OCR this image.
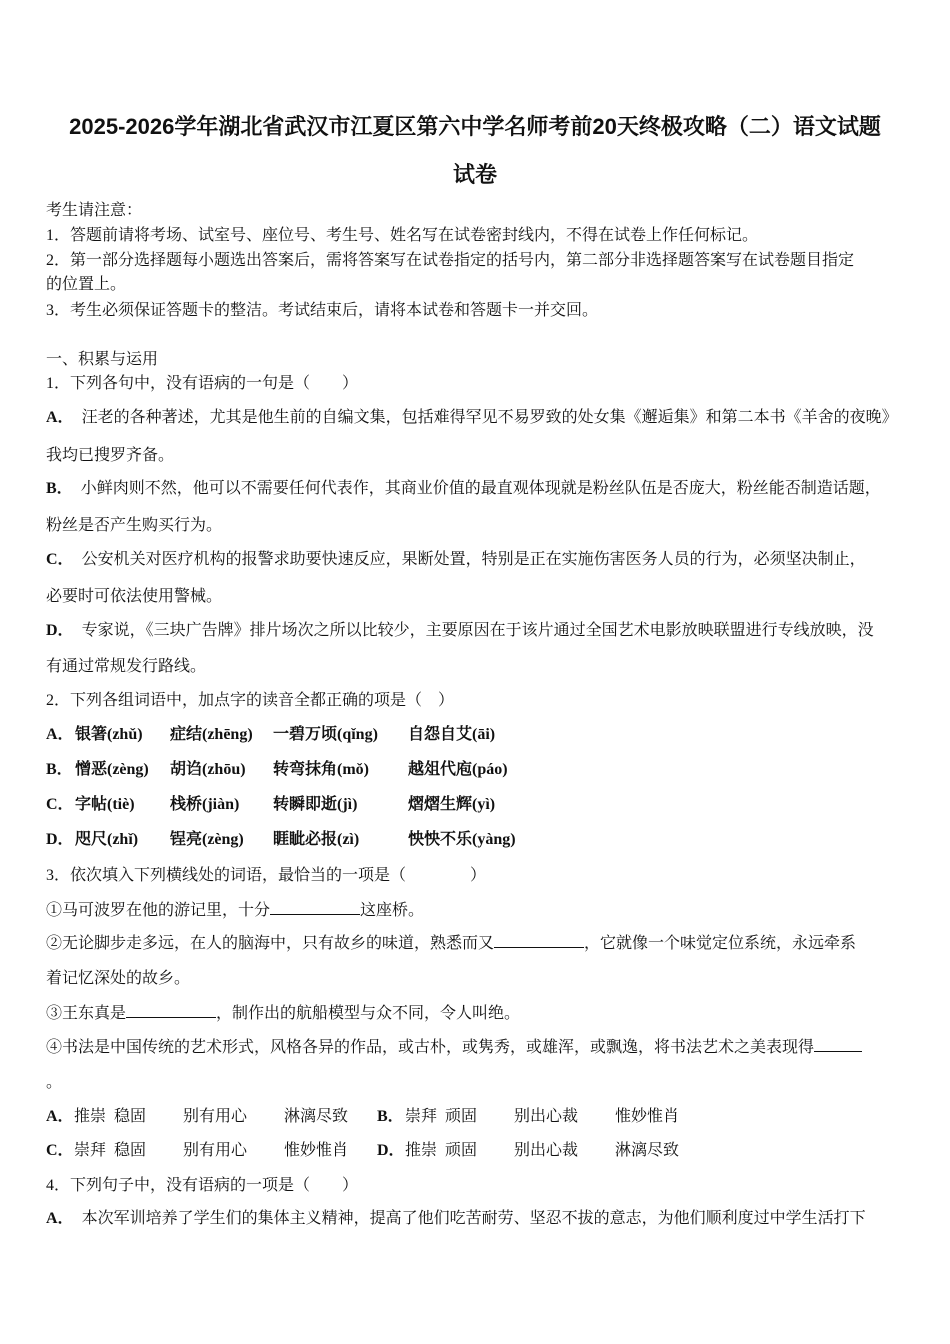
2025-2026学年湖北省武汉市江夏区第六中学名师考前20天终极攻略（二）语文试题
试卷
考生请注意：
1．答题前请将考场、试室号、座位号、考生号、姓名写在试卷密封线内，不得在试卷上作任何标记。
2．第一部分选择题每小题选出答案后，需将答案写在试卷指定的括号内，第二部分非选择题答案写在试卷题目指定
的位置上。
3．考生必须保证答题卡的整洁。考试结束后，请将本试卷和答题卡一并交回。
一、积累与运用
1．下列各句中，没有语病的一句是（　　）
A． 汪老的各种著述，尤其是他生前的自编文集，包括难得罕见不易罗致的处女集《邂逅集》和第二本书《羊舍的夜晚》
我均已搜罗齐备。
B． 小鲜肉则不然，他可以不需要任何代表作，其商业价值的最直观体现就是粉丝队伍是否庞大，粉丝能否制造话题，
粉丝是否产生购买行为。
C． 公安机关对医疗机构的报警求助要快速反应，果断处置，特别是正在实施伤害医务人员的行为，必须坚决制止，
必要时可依法使用警械。
D． 专家说，《三块广告牌》排片场次之所以比较少，主要原因在于该片通过全国艺术电影放映联盟进行专线放映，没
有通过常规发行路线。
2．下列各组词语中，加点字的读音全都正确的项是（　）
A． 银箸(zhǔ) 症结(zhēng) 一碧万顷(qǐng) 自怨自艾(āi)
B． 憎恶(zèng) 胡诌(zhōu) 转弯抹角(mǒ) 越俎代庖(páo)
C． 字帖(tiè) 栈桥(jiàn) 转瞬即逝(jì)	熠熠生辉(yì)
D． 咫尺(zhǐ) 锃亮(zèng) 睚眦必报(zì)	怏怏不乐(yàng)
3．依次填入下列横线处的词语，最恰当的一项是（　　　　）
①马可波罗在他的游记里，十分	这座桥。
②无论脚步走多远，在人的脑海中，只有故乡的味道，熟悉而又	，它就像一个味觉定位系统，永远牵系
着记忆深处的故乡。
③王东真是	，制作出的航船模型与众不同，令人叫绝。
④书法是中国传统的艺术形式，风格各异的作品，或古朴，或隽秀，或雄浑，或飘逸，将书法艺术之美表现得
。
A． 推崇  稳固 别有用心 淋漓尽致 B． 崇拜  顽固 别出心裁 惟妙惟肖
C． 崇拜  稳固 别有用心 惟妙惟肖 D． 推崇  顽固 别出心裁 淋漓尽致
4．下列句子中，没有语病的一项是（　　）
A． 本次军训培养了学生们的集体主义精神，提高了他们吃苦耐劳、坚忍不拔的意志，为他们顺利度过中学生活打下
